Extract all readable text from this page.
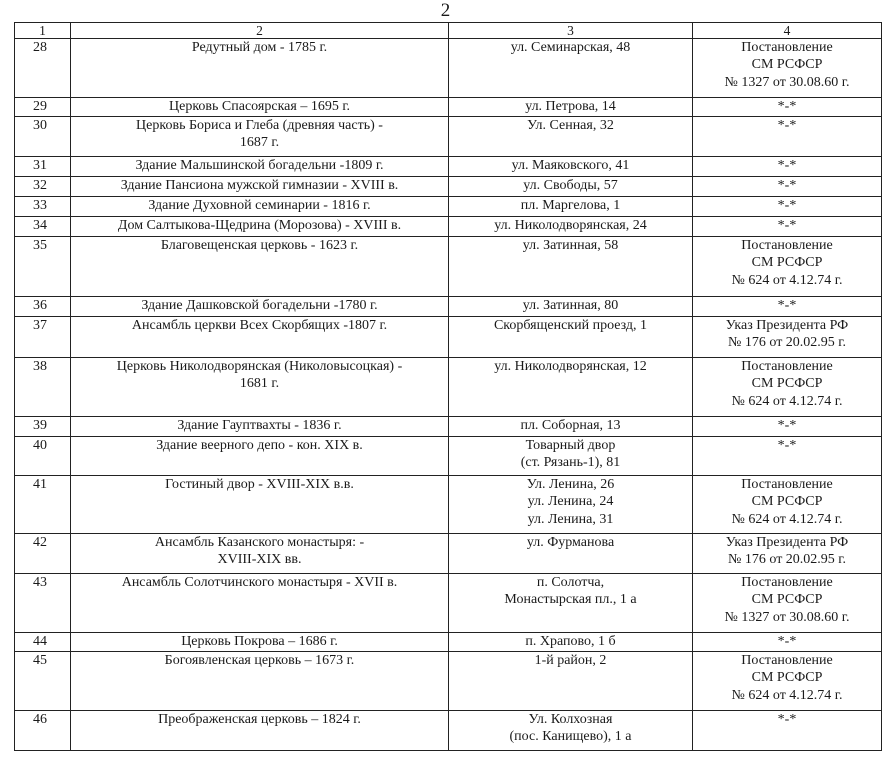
2
1	2	3	4
28	Редутный дом - 1785 г.	ул. Семинарская, 48	Постановление
СМ РСФСР
№ 1327 от 30.08.60 г.

29	Церковь Спасоярская – 1695 г.	ул. Петрова, 14	*-*

30	Церковь Бориса и Глеба (древняя часть) -
1687 г.	Ул. Сенная, 32	*-*

31	Здание Мальшинской богадельни -1809 г.	ул. Маяковского, 41	*-*

32	Здание Пансиона мужской гимназии - XVIII в.	ул. Свободы, 57	*-*

33	Здание Духовной семинарии - 1816 г.	пл. Маргелова, 1	*-*

34	Дом Салтыкова-Щедрина (Морозова) - XVIII в.	ул. Николодворянская, 24	*-*

35	Благовещенская церковь - 1623 г.	ул. Затинная, 58	Постановление
СМ РСФСР
№ 624 от 4.12.74 г.

36	Здание Дашковской богадельни -1780 г.	ул. Затинная, 80	*-*

37	Ансамбль церкви Всех Скорбящих -1807 г.	Скорбященский проезд, 1	Указ Президента РФ
№ 176 от 20.02.95 г.

38	Церковь Николодворянская (Николовысоцкая) -
1681 г.	ул. Николодворянская, 12	Постановление
СМ РСФСР
№ 624 от 4.12.74 г.

39	Здание Гауптвахты - 1836 г.	пл. Соборная, 13	*-*

40	Здание веерного депо - кон. XIX в.	Товарный двор
(ст. Рязань-1), 81	*-*

41	Гостиный двор - XVIII-XIX в.в.	Ул. Ленина, 26
ул. Ленина, 24
ул. Ленина, 31	Постановление
СМ РСФСР
№ 624 от 4.12.74 г.

42	Ансамбль Казанского монастыря: -
XVIII-XIX вв.	ул. Фурманова	Указ Президента РФ
№ 176 от 20.02.95 г.

43	Ансамбль Солотчинского монастыря - XVII в.	п. Солотча,
Монастырская пл., 1 а	Постановление
СМ РСФСР
№ 1327 от 30.08.60 г.

44	Церковь Покрова – 1686 г.	п. Храпово, 1 б	*-*

45	Богоявленская церковь – 1673 г.	1-й район, 2	Постановление
СМ РСФСР
№ 624 от 4.12.74 г.

46	Преображенская церковь – 1824 г.	Ул. Колхозная
(пос. Канищево), 1 а	*-*
